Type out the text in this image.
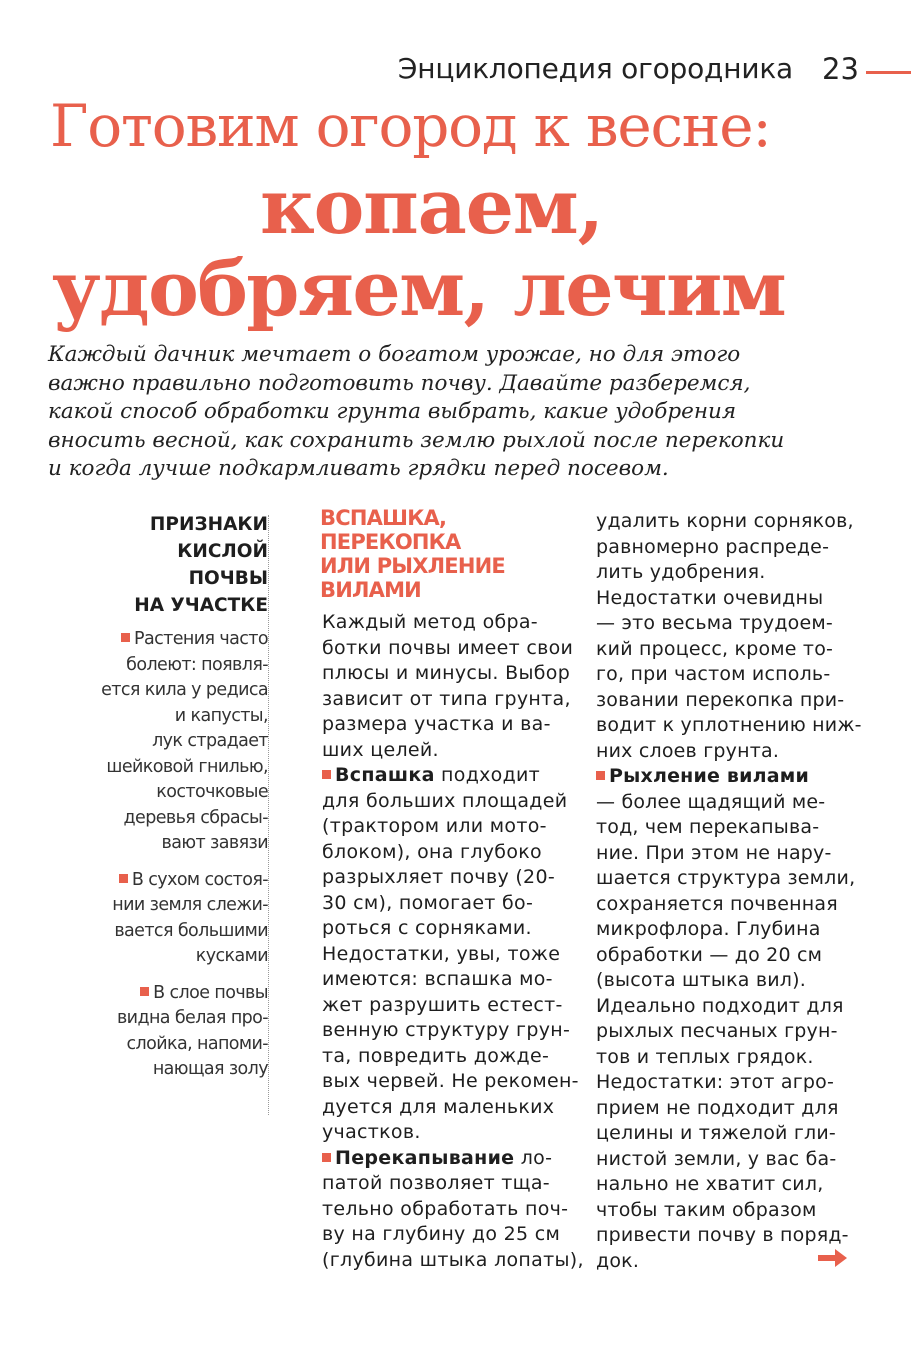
Энциклопедия огородника 23
Готовим огород к весне:
копаем,
удобряем, лечим
Каждый дачник мечтает о богатом урожае, но для этого
важно правильно подготовить почву. Давайте разберемся,
какой способ обработки грунта выбрать, какие удобрения
вносить весной, как сохранить землю рыхлой после перекопки
и когда лучше подкармливать грядки перед посевом.
ПРИЗНАКИ
КИСЛОЙ
ПОЧВЫ
НА УЧАСТКЕ
Растения часто
болеют: появля-
ется кила у редиса
и капусты,
лук страдает
шейковой гнилью,
косточковые
деревья сбрасы-
вают завязи
В сухом состоя-
нии земля слежи-
вается большими
кусками
В слое почвы
видна белая про-
слойка, напоми-
нающая золу
ВСПАШКА,
ПЕРЕКОПКА
ИЛИ РЫХЛЕНИЕ
ВИЛАМИ
Каждый метод обра-
ботки почвы имеет свои
плюсы и минусы. Выбор
зависит от типа грунта,
размера участка и ва-
ших целей.
Вспашка подходит
для больших площадей
(трактором или мото-
блоком), она глубоко
разрыхляет почву (20-
30 см), помогает бо-
роться с сорняками.
Недостатки, увы, тоже
имеются: вспашка мо-
жет разрушить естест-
венную структуру грун-
та, повредить дожде-
вых червей. Не рекомен-
дуется для маленьких
участков.
Перекапывание ло-
патой позволяет тща-
тельно обработать поч-
ву на глубину до 25 см
(глубина штыка лопаты),
удалить корни сорняков,
равномерно распреде-
лить удобрения.
Недостатки очевидны
— это весьма трудоем-
кий процесс, кроме то-
го, при частом исполь-
зовании перекопка при-
водит к уплотнению ниж-
них слоев грунта.
Рыхление вилами
— более щадящий ме-
тод, чем перекапыва-
ние. При этом не нару-
шается структура земли,
сохраняется почвенная
микрофлора. Глубина
обработки — до 20 см
(высота штыка вил).
Идеально подходит для
рыхлых песчаных грун-
тов и теплых грядок.
Недостатки: этот агро-
прием не подходит для
целины и тяжелой гли-
нистой земли, у вас ба-
нально не хватит сил,
чтобы таким образом
привести почву в поряд-
док.
